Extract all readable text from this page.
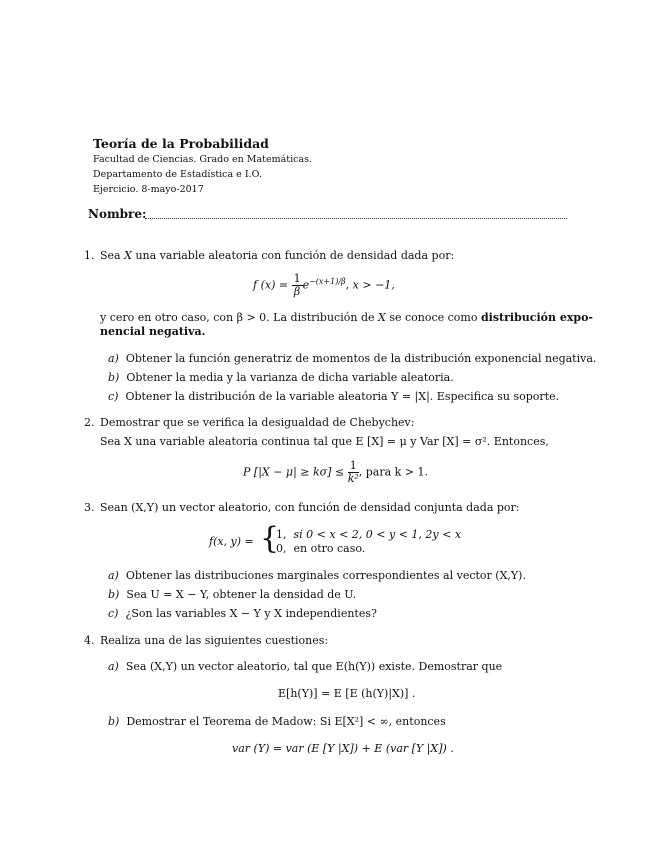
Teoría de la Probabilidad
Facultad de Ciencias. Grado en Matemáticas.
Departamento de Estadística e I.O.
Ejercicio. 8-mayo-2017
Nombre:
1. Sea X una variable aleatoria con función de densidad dada por:
f $(x) = \frac{1}{\beta} e^{-(x+1)/\beta}$, x > −1,
y cero en otro caso, con β > 0. La distribución de X se conoce como distribución expo-
nencial negativa.
a) Obtener la función generatriz de momentos de la distribución exponencial negativa.
b) Obtener la media y la varianza de dicha variable aleatoria.
c) Obtener la distribución de la variable aleatoria Y = |X|. Especifica su soporte.
2. Demostrar que se verifica la desigualdad de Chebychev:
Sea X una variable aleatoria continua tal que E [X] = μ y Var [X] = σ². Entonces,
P $[|X - \mu| \ge k\sigma] \le \frac{1}{\text{k²}}$ , para k > 1.
3. Sean (X,Y) un vector aleatorio, con función de densidad conjunta dada por:
f(x, y) = {
1, si 0 < x < 2, 0 < y < 1, 2y < x
0, en otro caso.
a) Obtener las distribuciones marginales correspondientes al vector (X,Y).
b) Sea U = X − Y, obtener la densidad de U.
c) ¿Son las variables X − Y y X independientes?
4. Realiza una de las siguientes cuestiones:
a) Sea (X,Y) un vector aleatorio, tal que E(h(Y)) existe. Demostrar que
E[h(Y)] = E [E (h(Y)|X)] .
b) Demostrar el Teorema de Madow: Si E[X²] < ∞, entonces
var (Y) = var (E [Y |X]) + E (var [Y |X]) .
